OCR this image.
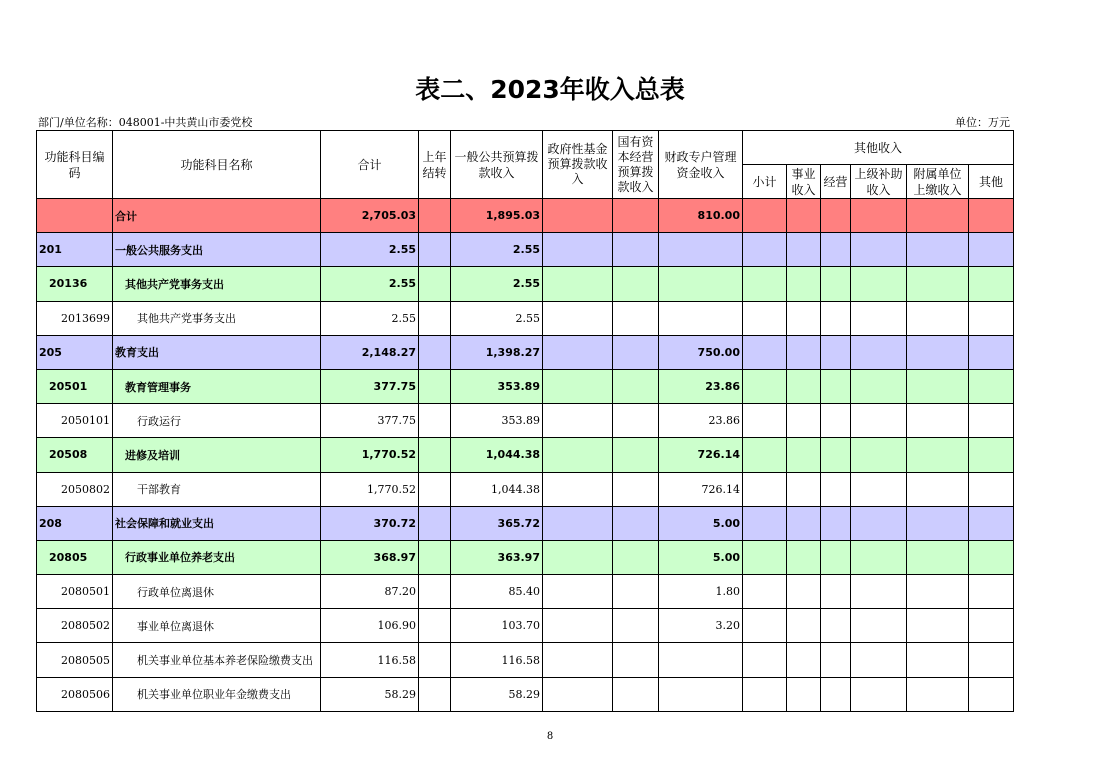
表二、2023年收入总表
部门/单位名称：048001-中共黄山市委党校	单位：万元
功能科目编码	功能科目名称	合计	上年结转	一般公共预算拨款收入	政府性基金预算拨款收入	国有资本经营预算拨款收入	财政专户管理资金收入	其他收入					
								小计	事业收入	经营	上级补助收入	附属单位上缴收入	其他
	合计	2,705.03		1,895.03			810.00						
201	一般公共服务支出	2.55		2.55									
20136	其他共产党事务支出	2.55		2.55									
2013699	其他共产党事务支出	2.55		2.55									
205	教育支出	2,148.27		1,398.27			750.00						
20501	教育管理事务	377.75		353.89			23.86						
2050101	行政运行	377.75		353.89			23.86						
20508	进修及培训	1,770.52		1,044.38			726.14						
2050802	干部教育	1,770.52		1,044.38			726.14						
208	社会保障和就业支出	370.72		365.72			5.00						
20805	行政事业单位养老支出	368.97		363.97			5.00						
2080501	行政单位离退休	87.20		85.40			1.80						
2080502	事业单位离退休	106.90		103.70			3.20						
2080505	机关事业单位基本养老保险缴费支出	116.58		116.58									
2080506	机关事业单位职业年金缴费支出	58.29		58.29									
8
